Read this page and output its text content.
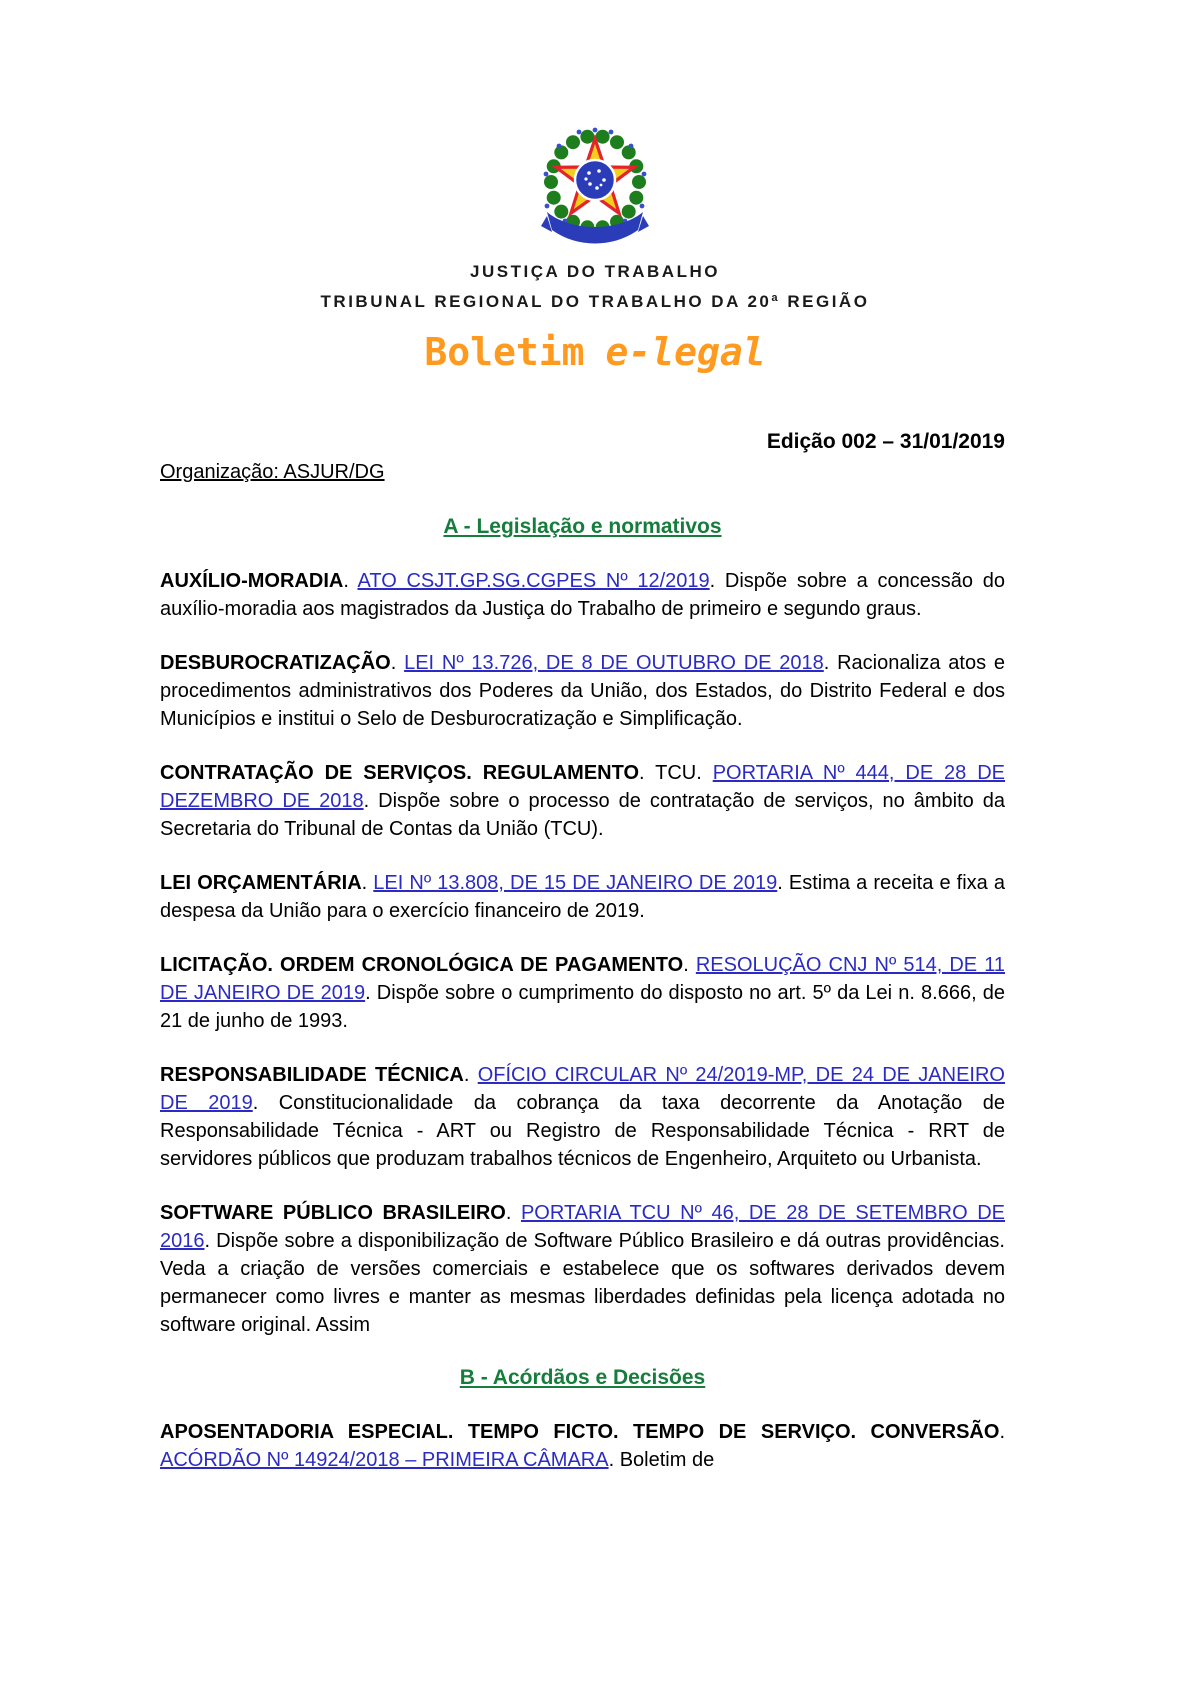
JUSTIÇA DO TRABALHO
TRIBUNAL REGIONAL DO TRABALHO DA 20ª REGIÃO
Boletim e-legal
Edição 002 – 31/01/2019
Organização: ASJUR/DG
A - Legislação e normativos

AUXÍLIO-MORADIA. ATO CSJT.GP.SG.CGPES Nº 12/2019. Dispõe sobre a concessão do auxílio-moradia aos magistrados da Justiça do Trabalho de primeiro e segundo graus.

DESBUROCRATIZAÇÃO. LEI Nº 13.726, DE 8 DE OUTUBRO DE 2018. Racionaliza atos e procedimentos administrativos dos Poderes da União, dos Estados, do Distrito Federal e dos Municípios e institui o Selo de Desburocratização e Simplificação.

CONTRATAÇÃO DE SERVIÇOS. REGULAMENTO. TCU. PORTARIA Nº 444, DE 28 DE DEZEMBRO DE 2018. Dispõe sobre o processo de contratação de serviços, no âmbito da Secretaria do Tribunal de Contas da União (TCU).

LEI ORÇAMENTÁRIA. LEI Nº 13.808, DE 15 DE JANEIRO DE 2019. Estima a receita e fixa a despesa da União para o exercício financeiro de 2019.

LICITAÇÃO. ORDEM CRONOLÓGICA DE PAGAMENTO. RESOLUÇÃO CNJ Nº 514, DE 11 DE JANEIRO DE 2019. Dispõe sobre o cumprimento do disposto no art. 5º da Lei n. 8.666, de 21 de junho de 1993.

RESPONSABILIDADE TÉCNICA. OFÍCIO CIRCULAR Nº 24/2019-MP, DE 24 DE JANEIRO DE 2019. Constitucionalidade da cobrança da taxa decorrente da Anotação de Responsabilidade Técnica - ART ou Registro de Responsabilidade Técnica - RRT de servidores públicos que produzam trabalhos técnicos de Engenheiro, Arquiteto ou Urbanista.

SOFTWARE PÚBLICO BRASILEIRO. PORTARIA TCU Nº 46, DE 28 DE SETEMBRO DE 2016. Dispõe sobre a disponibilização de Software Público Brasileiro e dá outras providências. Veda a criação de versões comerciais e estabelece que os softwares derivados devem permanecer como livres e manter as mesmas liberdades definidas pela licença adotada no software original. Assim

B - Acórdãos e Decisões

APOSENTADORIA ESPECIAL. TEMPO FICTO. TEMPO DE SERVIÇO. CONVERSÃO. ACÓRDÃO Nº 14924/2018 – PRIMEIRA CÂMARA. Boletim de
